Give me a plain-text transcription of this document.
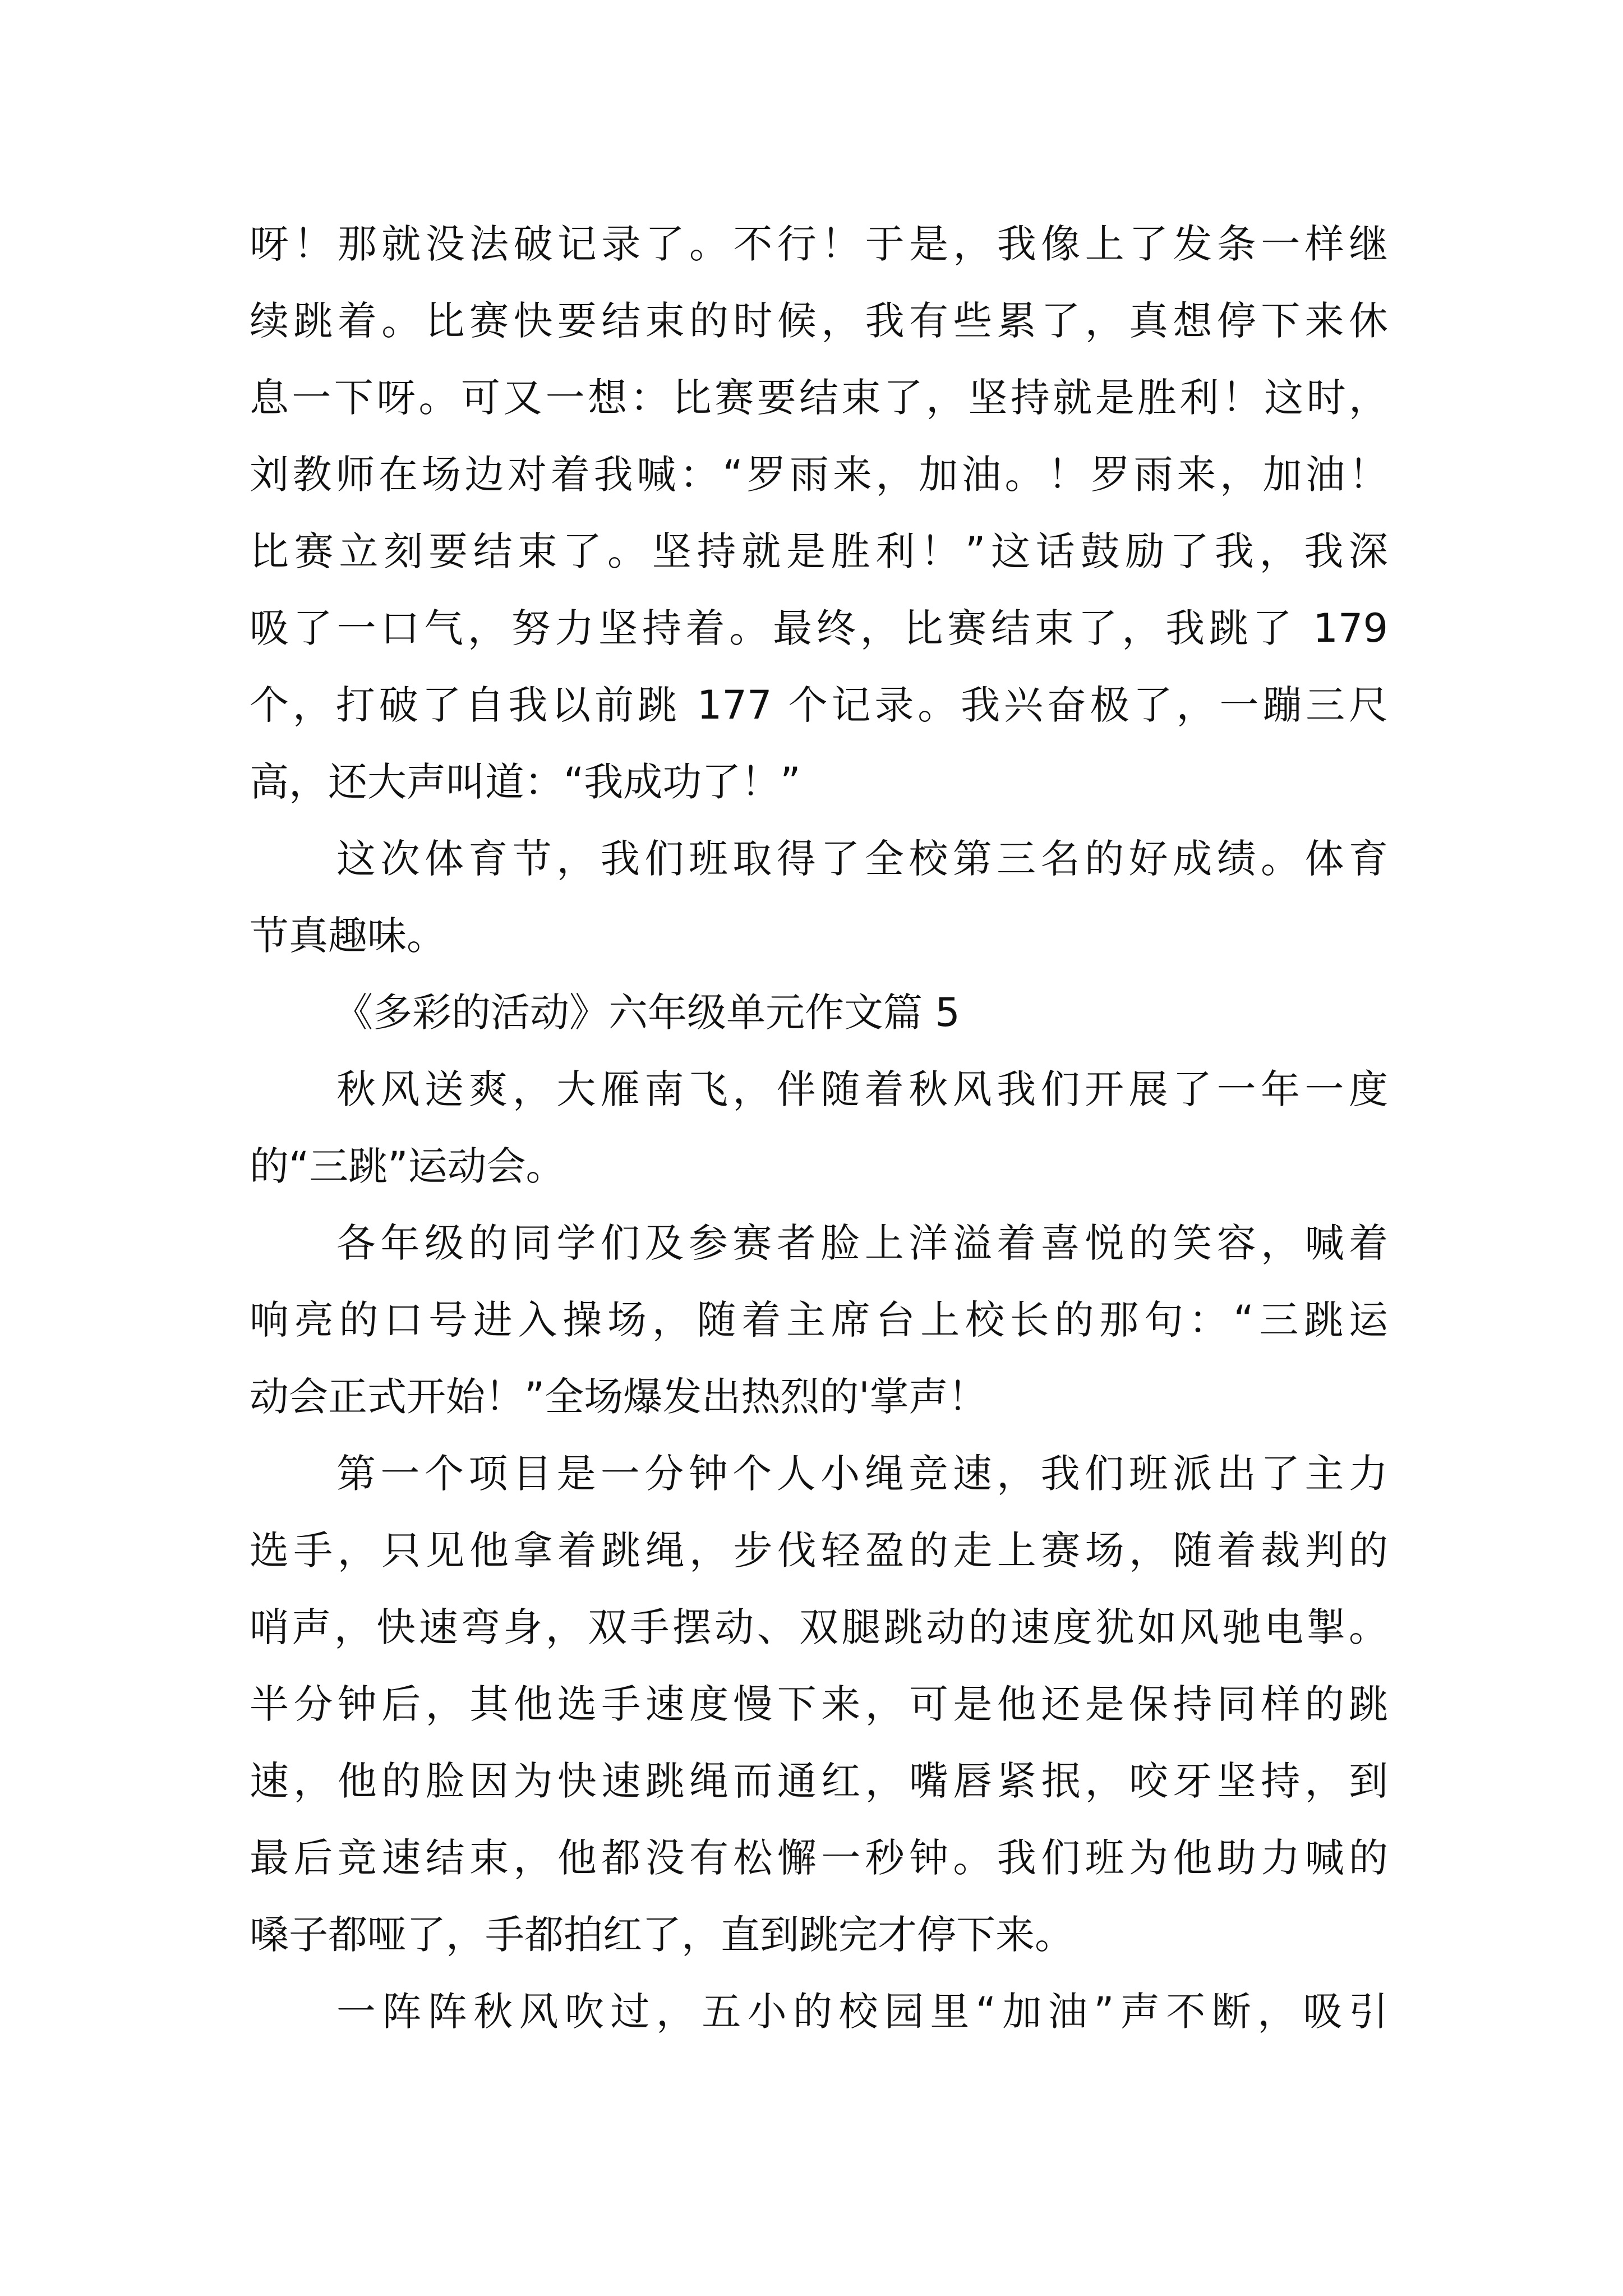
呀！那就没法破记录了。不行！于是，我像上了发条一样继
续跳着。比赛快要结束的时候，我有些累了，真想停下来休
息一下呀。可又一想：比赛要结束了，坚持就是胜利！这时，
刘教师在场边对着我喊：“罗雨来，加油。！罗雨来，加油！
比赛立刻要结束了。坚持就是胜利！”这话鼓励了我，我深
吸了一口气，努力坚持着。最终，比赛结束了，我跳了 179
个，打破了自我以前跳 177 个记录。我兴奋极了，一蹦三尺
高，还大声叫道：“我成功了！”
这次体育节，我们班取得了全校第三名的好成绩。体育
节真趣味。
《多彩的活动》六年级单元作文篇 5
秋风送爽，大雁南飞，伴随着秋风我们开展了一年一度
的“三跳”运动会。
各年级的同学们及参赛者脸上洋溢着喜悦的笑容，喊着
响亮的口号进入操场，随着主席台上校长的那句：“三跳运
动会正式开始！”全场爆发出热烈的'掌声！
第一个项目是一分钟个人小绳竞速，我们班派出了主力
选手，只见他拿着跳绳，步伐轻盈的走上赛场，随着裁判的
哨声，快速弯身，双手摆动、双腿跳动的速度犹如风驰电掣。
半分钟后，其他选手速度慢下来，可是他还是保持同样的跳
速，他的脸因为快速跳绳而通红，嘴唇紧抿，咬牙坚持，到
最后竞速结束，他都没有松懈一秒钟。我们班为他助力喊的
嗓子都哑了，手都拍红了，直到跳完才停下来。
一阵阵秋风吹过，五小的校园里“加油”声不断，吸引
